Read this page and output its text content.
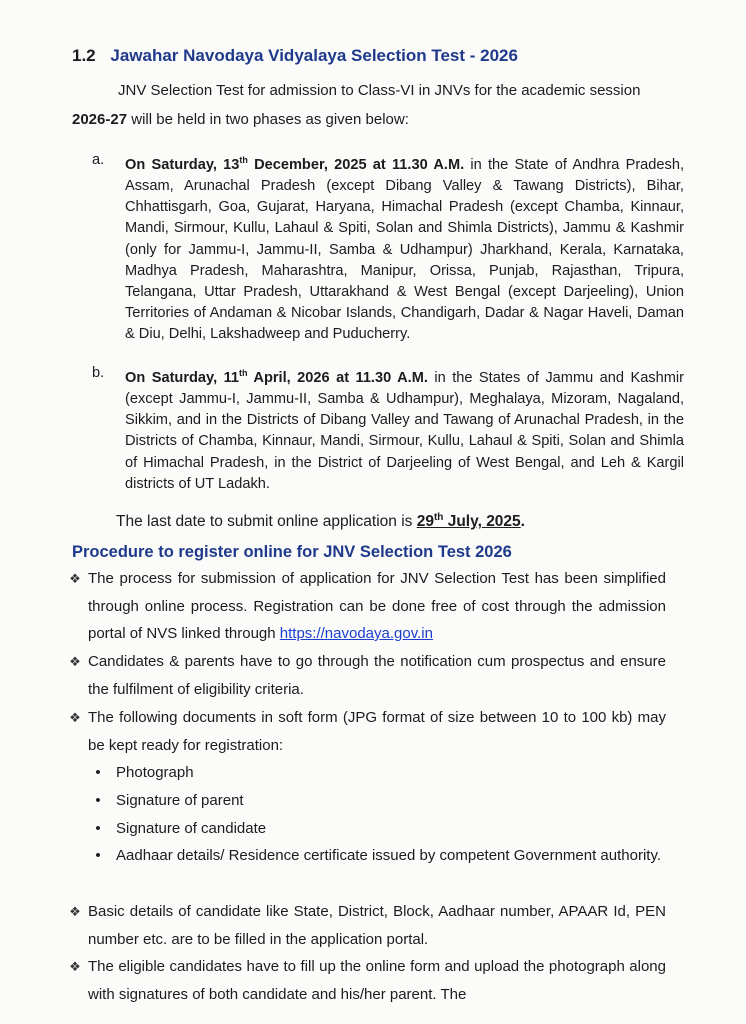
1.2 Jawahar Navodaya Vidyalaya Selection Test - 2026
JNV Selection Test for admission to Class-VI in JNVs for the academic session
2026-27 will be held in two phases as given below:
a.	On Saturday, 13th December, 2025 at 11.30 A.M. in the State of Andhra Pradesh, Assam, Arunachal Pradesh (except Dibang Valley & Tawang Districts), Bihar, Chhattisgarh, Goa, Gujarat, Haryana, Himachal Pradesh (except Chamba, Kinnaur, Mandi, Sirmour, Kullu, Lahaul & Spiti, Solan and Shimla Districts), Jammu & Kashmir (only for Jammu-I, Jammu-II, Samba & Udhampur) Jharkhand, Kerala, Karnataka, Madhya Pradesh, Maharashtra, Manipur, Orissa, Punjab, Rajasthan, Tripura, Telangana, Uttar Pradesh, Uttarakhand & West Bengal (except Darjeeling), Union Territories of Andaman & Nicobar Islands, Chandigarh, Dadar & Nagar Haveli, Daman & Diu, Delhi, Lakshadweep and Puducherry.
b.	On Saturday, 11th April, 2026 at 11.30 A.M. in the States of Jammu and Kashmir (except Jammu-I, Jammu-II, Samba & Udhampur), Meghalaya, Mizoram, Nagaland, Sikkim, and in the Districts of Dibang Valley and Tawang of Arunachal Pradesh, in the Districts of Chamba, Kinnaur, Mandi, Sirmour, Kullu, Lahaul & Spiti, Solan and Shimla of Himachal Pradesh, in the District of Darjeeling of West Bengal, and Leh & Kargil districts of UT Ladakh.
The last date to submit online application is 29th July, 2025.
Procedure to register online for JNV Selection Test 2026
❖ The process for submission of application for JNV Selection Test has been simplified through online process. Registration can be done free of cost through the admission portal of NVS linked through https://navodaya.gov.in
❖ Candidates & parents have to go through the notification cum prospectus and ensure the fulfilment of eligibility criteria.
❖ The following documents in soft form (JPG format of size between 10 to 100 kb) may be kept ready for registration:
• Photograph
• Signature of parent
• Signature of candidate
• Aadhaar details/ Residence certificate issued by competent Government authority.
❖ Basic details of candidate like State, District, Block, Aadhaar number, APAAR Id, PEN number etc. are to be filled in the application portal.
❖ The eligible candidates have to fill up the online form and upload the photograph along with signatures of both candidate and his/her parent. The
